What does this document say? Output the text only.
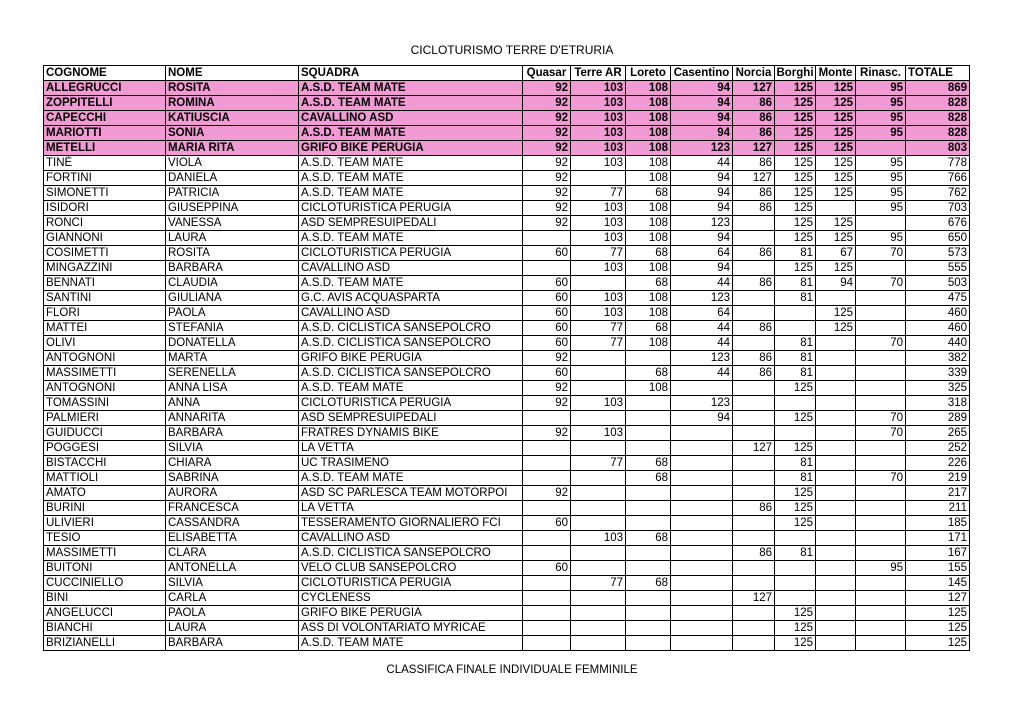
CICLOTURISMO TERRE D'ETRURIA
COGNOME	NOME	SQUADRA	Quasar	Terre AR	Loreto	Casentino	Norcia	Borghi	Monte	Rinasc.	TOTALE
ALLEGRUCCI	ROSITA	A.S.D. TEAM MATE	92	103	108	94	127	125	125	95	869
ZOPPITELLI	ROMINA	A.S.D. TEAM MATE	92	103	108	94	86	125	125	95	828
CAPECCHI	KATIUSCIA	CAVALLINO ASD	92	103	108	94	86	125	125	95	828
MARIOTTI	SONIA	A.S.D. TEAM MATE	92	103	108	94	86	125	125	95	828
METELLI	MARIA RITA	GRIFO BIKE PERUGIA	92	103	108	123	127	125	125		803
TINÈ	VIOLA	A.S.D. TEAM MATE	92	103	108	44	86	125	125	95	778
FORTINI	DANIELA	A.S.D. TEAM MATE	92		108	94	127	125	125	95	766
SIMONETTI	PATRICIA	A.S.D. TEAM MATE	92	77	68	94	86	125	125	95	762
ISIDORI	GIUSEPPINA	CICLOTURISTICA PERUGIA	92	103	108	94	86	125		95	703
RONCI	VANESSA	ASD SEMPRESUIPEDALI	92	103	108	123		125	125		676
GIANNONI	LAURA	A.S.D. TEAM MATE		103	108	94		125	125	95	650
COSIMETTI	ROSITA	CICLOTURISTICA PERUGIA	60	77	68	64	86	81	67	70	573
MINGAZZINI	BARBARA	CAVALLINO ASD		103	108	94		125	125		555
BENNATI	CLAUDIA	A.S.D. TEAM MATE	60		68	44	86	81	94	70	503
SANTINI	GIULIANA	G.C. AVIS ACQUASPARTA	60	103	108	123		81			475
FLORI	PAOLA	CAVALLINO ASD	60	103	108	64			125		460
MATTEI	STEFANIA	A.S.D. CICLISTICA SANSEPOLCRO	60	77	68	44	86		125		460
OLIVI	DONATELLA	A.S.D. CICLISTICA SANSEPOLCRO	60	77	108	44		81		70	440
ANTOGNONI	MARTA	GRIFO BIKE PERUGIA	92			123	86	81			382
MASSIMETTI	SERENELLA	A.S.D. CICLISTICA SANSEPOLCRO	60		68	44	86	81			339
ANTOGNONI	ANNA LISA	A.S.D. TEAM MATE	92		108			125			325
TOMASSINI	ANNA	CICLOTURISTICA PERUGIA	92	103		123					318
PALMIERI	ANNARITA	ASD SEMPRESUIPEDALI				94		125		70	289
GUIDUCCI	BARBARA	FRATRES DYNAMIS BIKE	92	103						70	265
POGGESI	SILVIA	LA VETTA					127	125			252
BISTACCHI	CHIARA	UC TRASIMENO		77	68			81			226
MATTIOLI	SABRINA	A.S.D. TEAM MATE			68			81		70	219
AMATO	AURORA	ASD SC PARLESCA TEAM MOTORPOI	92					125			217
BURINI	FRANCESCA	LA VETTA					86	125			211
ULIVIERI	CASSANDRA	TESSERAMENTO GIORNALIERO FCI	60					125			185
TESIO	ELISABETTA	CAVALLINO ASD		103	68						171
MASSIMETTI	CLARA	A.S.D. CICLISTICA SANSEPOLCRO					86	81			167
BUITONI	ANTONELLA	VELO CLUB SANSEPOLCRO	60							95	155
CUCCINIELLO	SILVIA	CICLOTURISTICA PERUGIA		77	68						145
BINI	CARLA	CYCLENESS					127				127
ANGELUCCI	PAOLA	GRIFO BIKE PERUGIA						125			125
BIANCHI	LAURA	ASS DI VOLONTARIATO MYRICAE						125			125
BRIZIANELLI	BARBARA	A.S.D. TEAM MATE						125			125
CLASSIFICA FINALE INDIVIDUALE FEMMINILE
